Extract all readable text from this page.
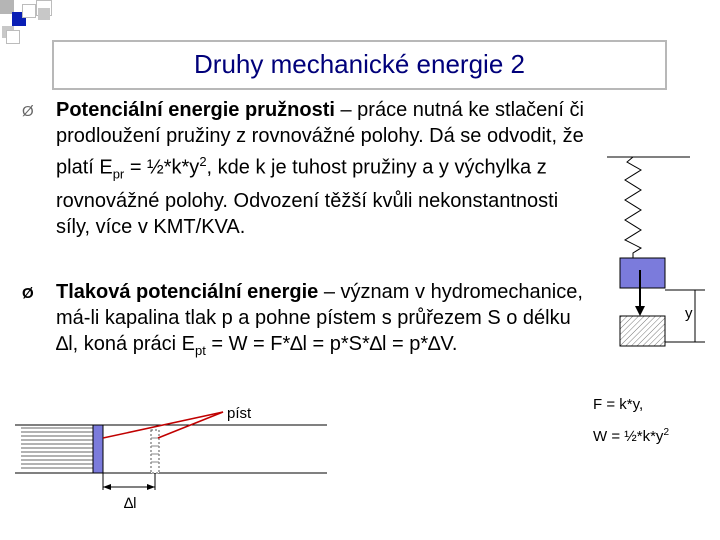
Druhy mechanické energie 2
Ø Potenciální energie pružnosti – práce nutná ke stlačení či prodloužení pružiny z rovnovážné polohy. Dá se odvodit, že platí $E_{pr}$ = $\frac{1}{2}*k*y^2$, kde k je tuhost pružiny a y výchylka z rovnovážné polohy. Odvození těžší kvůli nekonstantnosti síly, více v KMT/KVA.

Ø Tlaková potenciální energie – význam v hydromechanice, má-li kapalina tlak p a pohne pístem s průřezem S o délku ∆l, koná práci $E_{pt} = W = F*\Delta l = p*S*\Delta l = p*\Delta V$.

y
F = k*y,
$W = \frac{1}{2}*k*y^2$
píst
∆l
